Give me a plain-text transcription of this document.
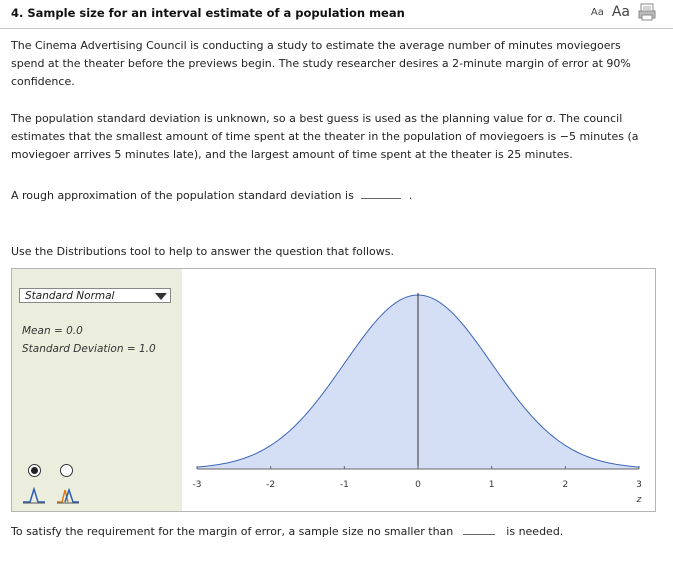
4. Sample size for an interval estimate of a population mean	Aa Aa
The Cinema Advertising Council is conducting a study to estimate the average number of minutes moviegoers spend at the theater before the previews begin. The study researcher desires a 2-minute margin of error at 90% confidence.
The population standard deviation is unknown, so a best guess is used as the planning value for σ. The council estimates that the smallest amount of time spent at the theater in the population of moviegoers is −5 minutes (a moviegoer arrives 5 minutes late), and the largest amount of time spent at the theater is 25 minutes.
A rough approximation of the population standard deviation is	.
Use the Distributions tool to help to answer the question that follows.
Standard Normal
Mean = 0.0
Standard Deviation = 1.0
-3	-2	-1	0	1	2	3
z
To satisfy the requirement for the margin of error, a sample size no smaller than	is needed.
